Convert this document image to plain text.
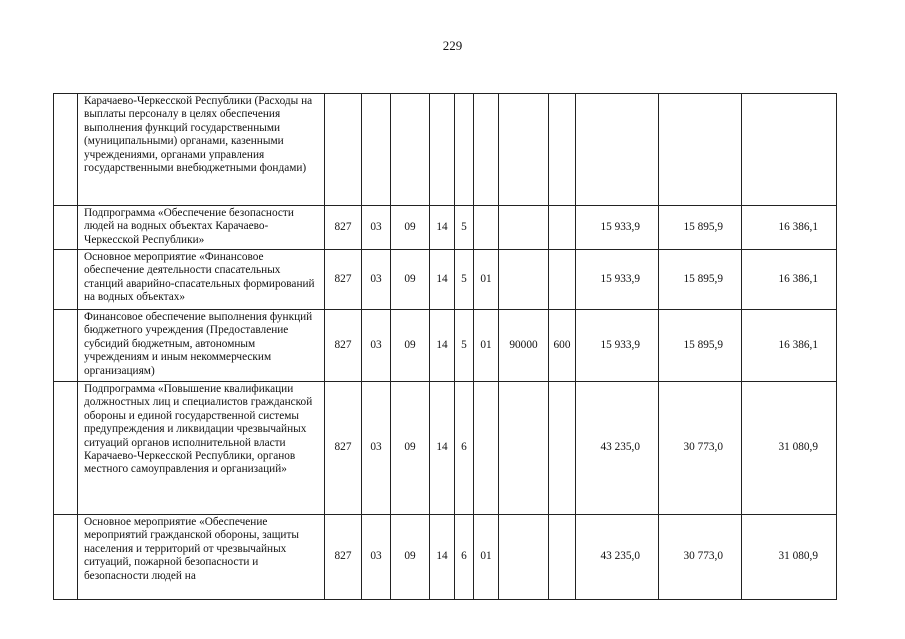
229
	Карачаево-Черкесской Республики (Расходы на выплаты персоналу в целях обеспечения выполнения функций государственными (муниципальными) органами, казенными учреждениями, органами управления государственными внебюджетными фондами)											
	Подпрограмма «Обеспечение безопасности людей на водных объектах Карачаево-Черкесской Республики»	827	03	09	14	5				15 933,9	15 895,9	16 386,1
	Основное мероприятие «Финансовое обеспечение деятельности спасательных станций аварийно-спасательных формирований на водных объектах»	827	03	09	14	5	01			15 933,9	15 895,9	16 386,1
	Финансовое обеспечение выполнения функций бюджетного учреждения (Предоставление субсидий бюджетным, автономным учреждениям и иным некоммерческим организациям)	827	03	09	14	5	01	90000	600	15 933,9	15 895,9	16 386,1
	Подпрограмма «Повышение квалификации должностных лиц и специалистов гражданской обороны и единой государственной системы предупреждения и ликвидации чрезвычайных ситуаций органов исполнительной власти Карачаево-Черкесской Республики, органов местного самоуправления и организаций»	827	03	09	14	6				43 235,0	30 773,0	31 080,9
	Основное мероприятие «Обеспечение мероприятий гражданской обороны, защиты населения и территорий от чрезвычайных ситуаций, пожарной безопасности и безопасности людей на	827	03	09	14	6	01			43 235,0	30 773,0	31 080,9
